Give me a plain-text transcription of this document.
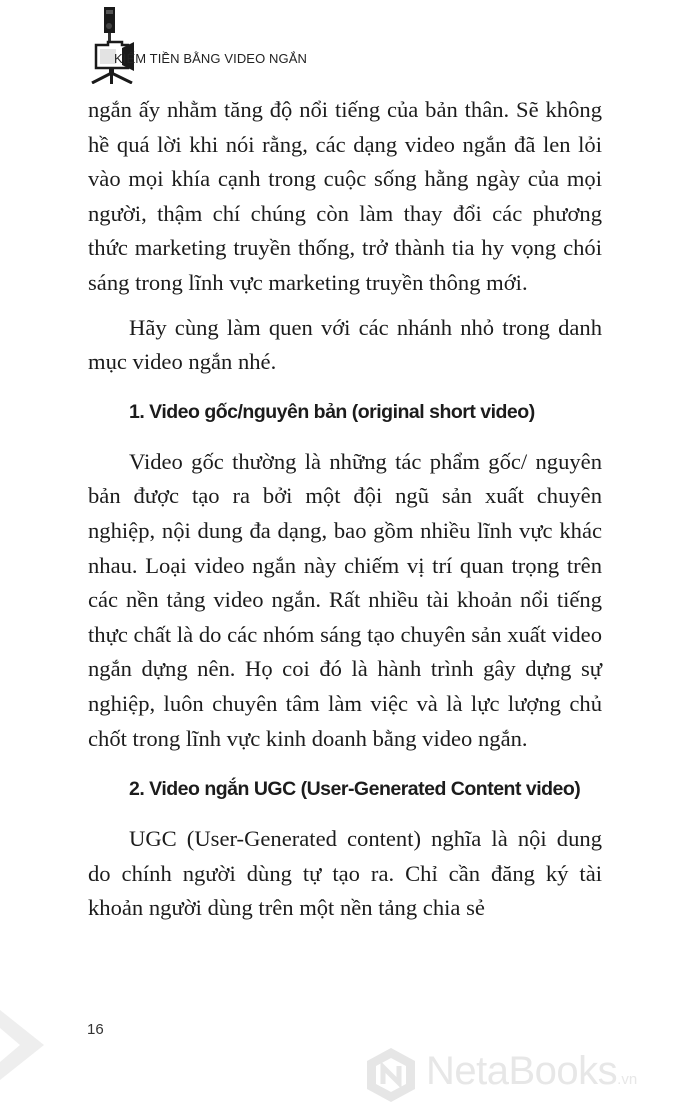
KIẾM TIỀN BẰNG VIDEO NGẮN

ngắn ấy nhằm tăng độ nổi tiếng của bản thân. Sẽ không hề quá lời khi nói rằng, các dạng video ngắn đã len lỏi vào mọi khía cạnh trong cuộc sống hằng ngày của mọi người, thậm chí chúng còn làm thay đổi các phương thức marketing truyền thống, trở thành tia hy vọng chói sáng trong lĩnh vực marketing truyền thông mới.

Hãy cùng làm quen với các nhánh nhỏ trong danh mục video ngắn nhé.

1. Video gốc/nguyên bản (original short video)

Video gốc thường là những tác phẩm gốc/ nguyên bản được tạo ra bởi một đội ngũ sản xuất chuyên nghiệp, nội dung đa dạng, bao gồm nhiều lĩnh vực khác nhau. Loại video ngắn này chiếm vị trí quan trọng trên các nền tảng video ngắn. Rất nhiều tài khoản nổi tiếng thực chất là do các nhóm sáng tạo chuyên sản xuất video ngắn dựng nên. Họ coi đó là hành trình gây dựng sự nghiệp, luôn chuyên tâm làm việc và là lực lượng chủ chốt trong lĩnh vực kinh doanh bằng video ngắn.

2. Video ngắn UGC (User-Generated Content video)

UGC (User-Generated content) nghĩa là nội dung do chính người dùng tự tạo ra. Chỉ cần đăng ký tài khoản người dùng trên một nền tảng chia sẻ

16
NetaBooks.vn
